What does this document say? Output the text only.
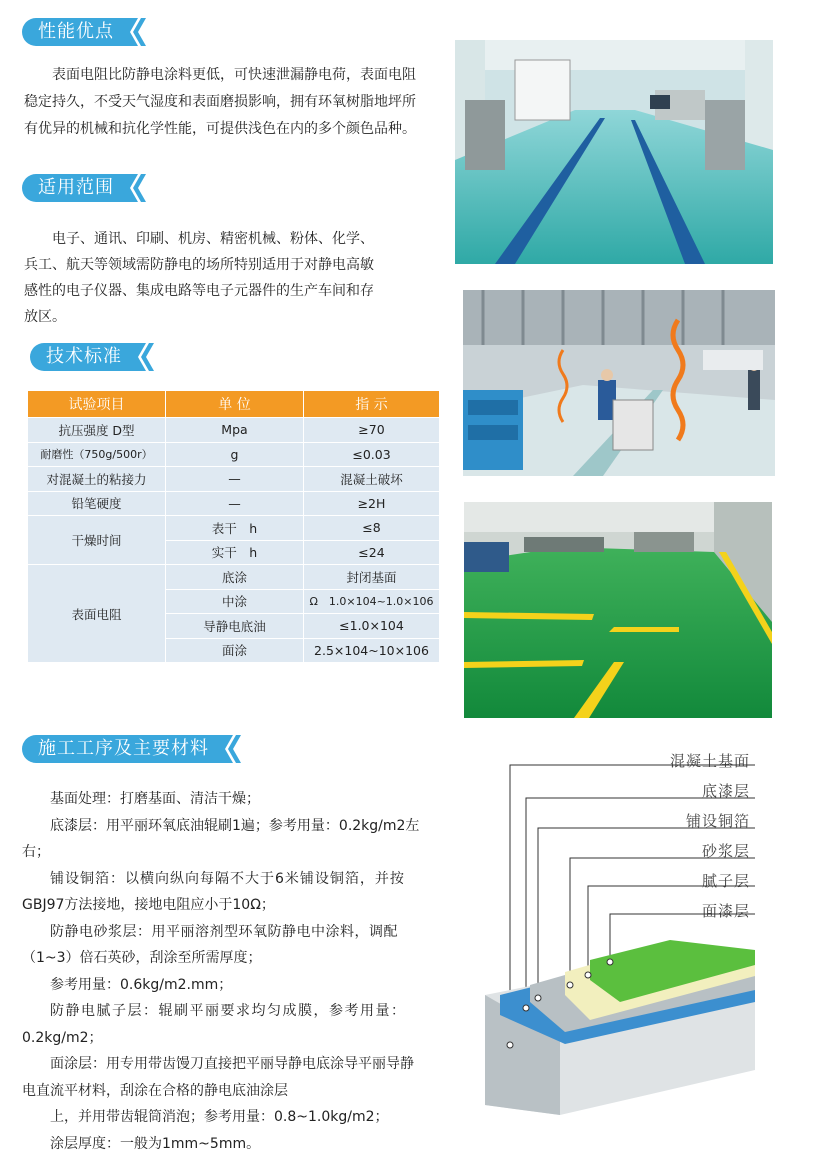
性能优点
表面电阻比防静电涂料更低，可快速泄漏静电荷，表面电阻稳定持久，不受天气湿度和表面磨损影响，拥有环氧树脂地坪所有优异的机械和抗化学性能，可提供浅色在内的多个颜色品种。
适用范围
电子、通讯、印刷、机房、精密机械、粉体、化学、兵工、航天等领域需防静电的场所特别适用于对静电高敏感性的电子仪器、集成电路等电子元器件的生产车间和存放区。
技术标准
试验项目	单 位	指 示
抗压强度 D型	Mpa	≥70
耐磨性（750g/500r）	g	≤0.03
对混凝土的粘接力	—	混凝土破坏
铅笔硬度	—	≥2H
干燥时间	表干　h	≤8
	实干　h	≤24
表面电阻	底涂	封闭基面
	中涂	Ω　1.0×104~1.0×106
	导静电底油	≤1.0×104
	面涂	2.5×104~10×106
施工工序及主要材料
基面处理：打磨基面、清洁干燥；
底漆层：用平丽环氧底油辊刷1遍；参考用量：0.2kg/m2左
右；
铺设铜箔：以横向纵向每隔不大于6米铺设铜箔，并按
GBJ97方法接地，接地电阻应小于10Ω；
防静电砂浆层：用平丽溶剂型环氧防静电中涂料，调配
（1~3）倍石英砂，刮涂至所需厚度；
参考用量：0.6kg/m2.mm；
防静电腻子层：辊刷平丽要求均匀成膜，参考用量：
0.2kg/m2；
面涂层：用专用带齿馒刀直接把平丽导静电底涂导平丽导静
电直流平材料，刮涂在合格的静电底油涂层
上，并用带齿辊筒消泡；参考用量：0.8~1.0kg/m2；
涂层厚度：一般为1mm~5mm。
混凝土基面
底漆层
铺设铜箔
砂浆层
腻子层
面漆层
